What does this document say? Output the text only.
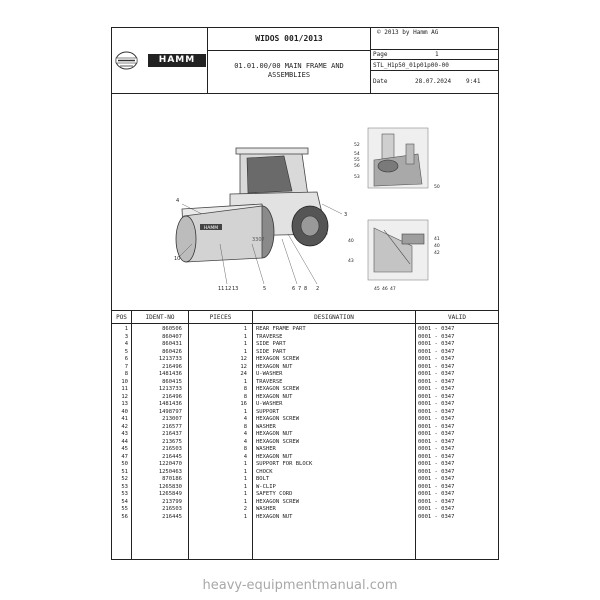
HAMM
WIDOS 001/2013
01.01.00/00 MAIN FRAME AND ASSEMBLIES
© 2013 by Hamm AG
Page	1
STL_H1p50_01p01p00-00
Date	28.07.2024 9:41
HAMM
3307
4
10
11 12 13	5	6 7 8 2
3
52
54
55
56
53
50
40
43
41
40
42
45 46 47
POS	IDENT-NO	PIECES	DESIGNATION	VALID
1	860506	1 REAR FRAME PART	0001 - 0347
3	860407	1 TRAVERSE	0001 - 0347
4	860431	1 SIDE PART	0001 - 0347
5	860426	1 SIDE PART	0001 - 0347
6	1213733	12 HEXAGON SCREW	0001 - 0347
7	216496	12 HEXAGON NUT	0001 - 0347
8	1481436	24 U-WASHER	0001 - 0347
10	860415	1 TRAVERSE	0001 - 0347
11	1213733	8 HEXAGON SCREW	0001 - 0347
12	216496	8 HEXAGON NUT	0001 - 0347
13	1481436	16 U-WASHER	0001 - 0347
40	1498797	1 SUPPORT	0001 - 0347
41	213007	4 HEXAGON SCREW	0001 - 0347
42	216577	8 WASHER	0001 - 0347
43	216437	4 HEXAGON NUT	0001 - 0347
44	213675	4 HEXAGON SCREW	0001 - 0347
45	216503	8 WASHER	0001 - 0347
47	216445	4 HEXAGON NUT	0001 - 0347
50	1220470	1 SUPPORT FOR BLOCK	0001 - 0347
51	1250463	1 CHOCK	0001 - 0347
52	870186	1 BOLT	0001 - 0347
53	1265830	1 W-CLIP	0001 - 0347
53	1265849	1 SAFETY CORD	0001 - 0347
54	213799	1 HEXAGON SCREW	0001 - 0347
55	216503	2 WASHER	0001 - 0347
56	216445	1 HEXAGON NUT	0001 - 0347
heavy-equipmentmanual.com
